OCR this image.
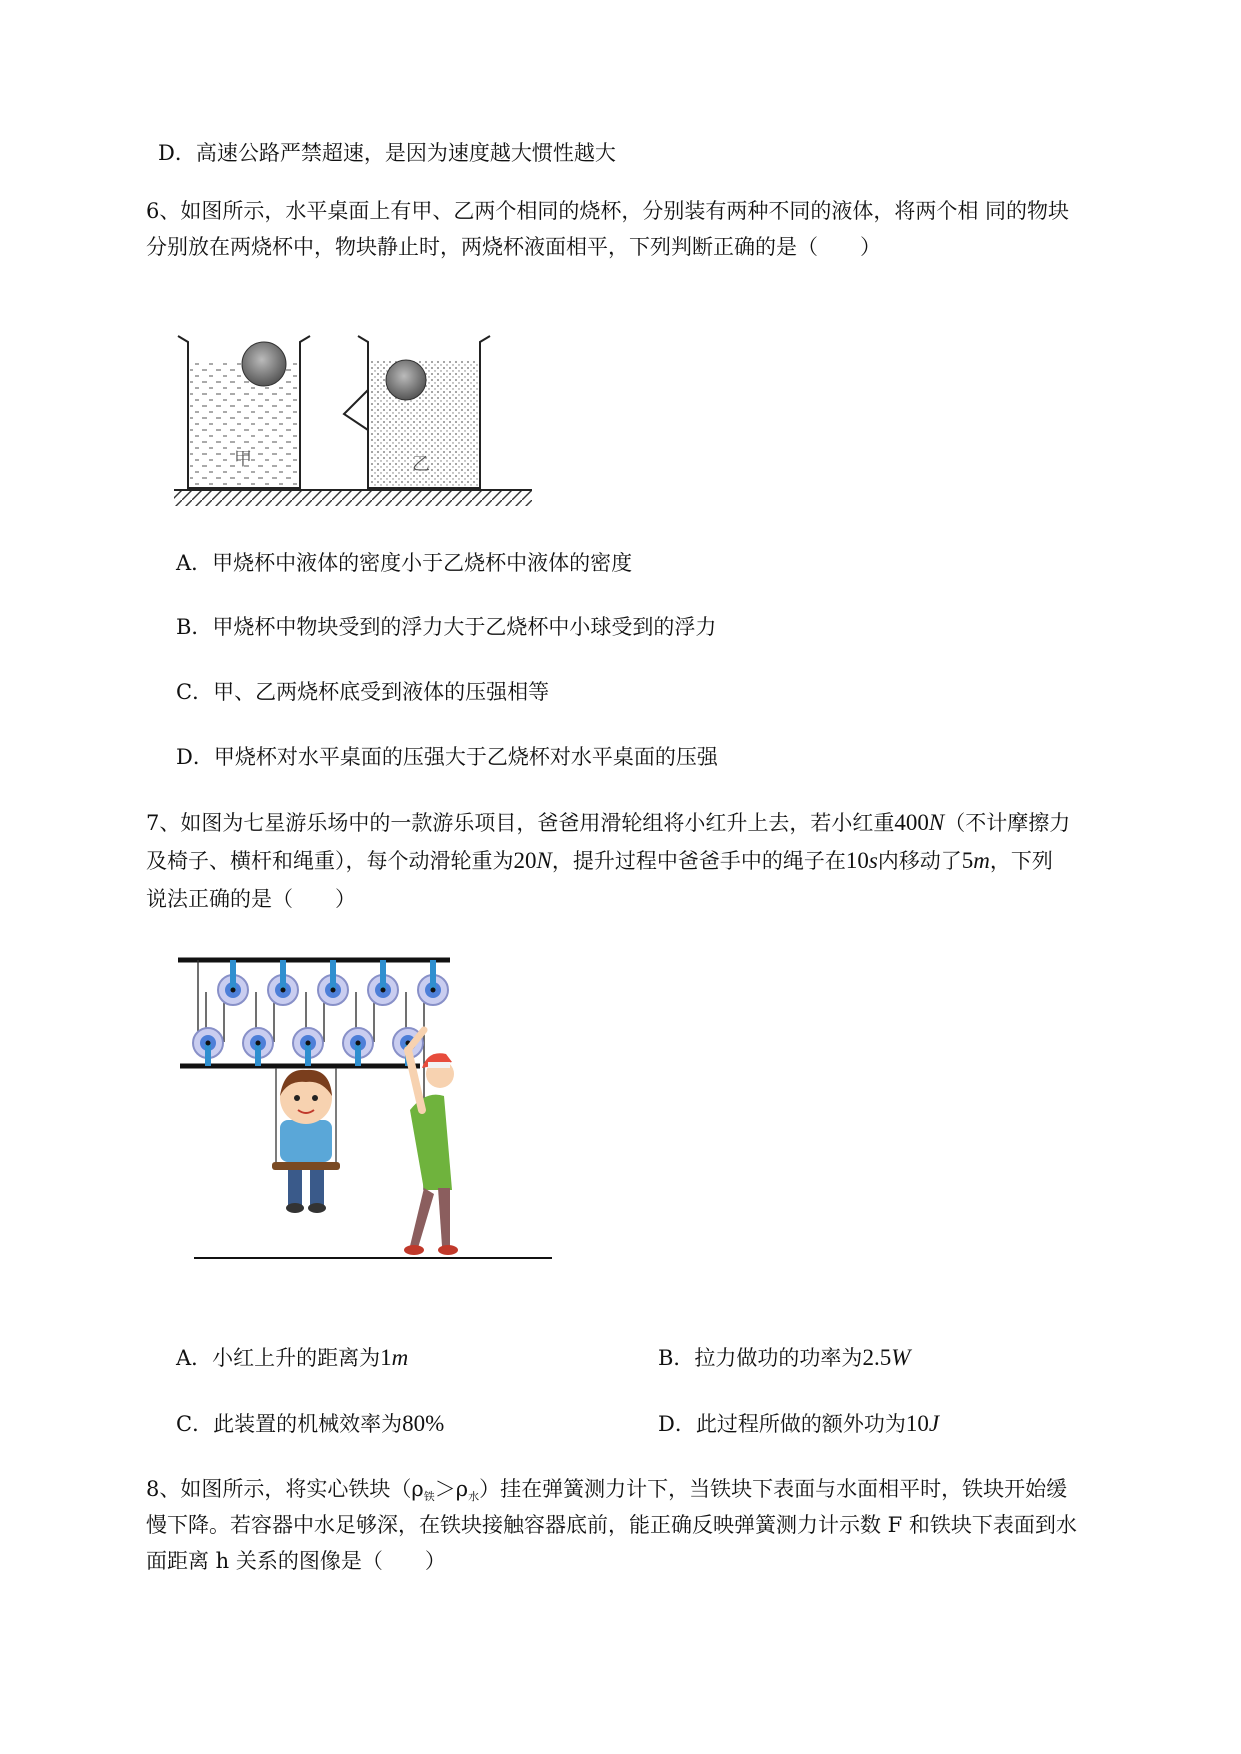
D．高速公路严禁超速，是因为速度越大惯性越大
6、如图所示，水平桌面上有甲、乙两个相同的烧杯，分别装有两种不同的液体，将两个相 同的物块
分别放在两烧杯中，物块静止时，两烧杯液面相平，下列判断正确的是（　　）
甲	乙
A．甲烧杯中液体的密度小于乙烧杯中液体的密度
B．甲烧杯中物块受到的浮力大于乙烧杯中小球受到的浮力
C．甲、乙两烧杯底受到液体的压强相等
D．甲烧杯对水平桌面的压强大于乙烧杯对水平桌面的压强
7、如图为七星游乐场中的一款游乐项目，爸爸用滑轮组将小红升上去，若小红重400N（不计摩擦力
及椅子、横杆和绳重），每个动滑轮重为20N，提升过程中爸爸手中的绳子在10s内移动了5m，下列
说法正确的是（　　）
A．小红上升的距离为1m	B．拉力做功的功率为2.5W
C．此装置的机械效率为80%	D．此过程所做的额外功为10J
8、如图所示，将实心铁块$(\rho_铁>\rho_水)$挂在弹簧测力计下，当铁块下表面与水面相平时，铁块开始缓
慢下降。若容器中水足够深，在铁块接触容器底前，能正确反映弹簧测力计示数 F 和铁块下表面到水
面距离 h 关系的图像是（　　）
